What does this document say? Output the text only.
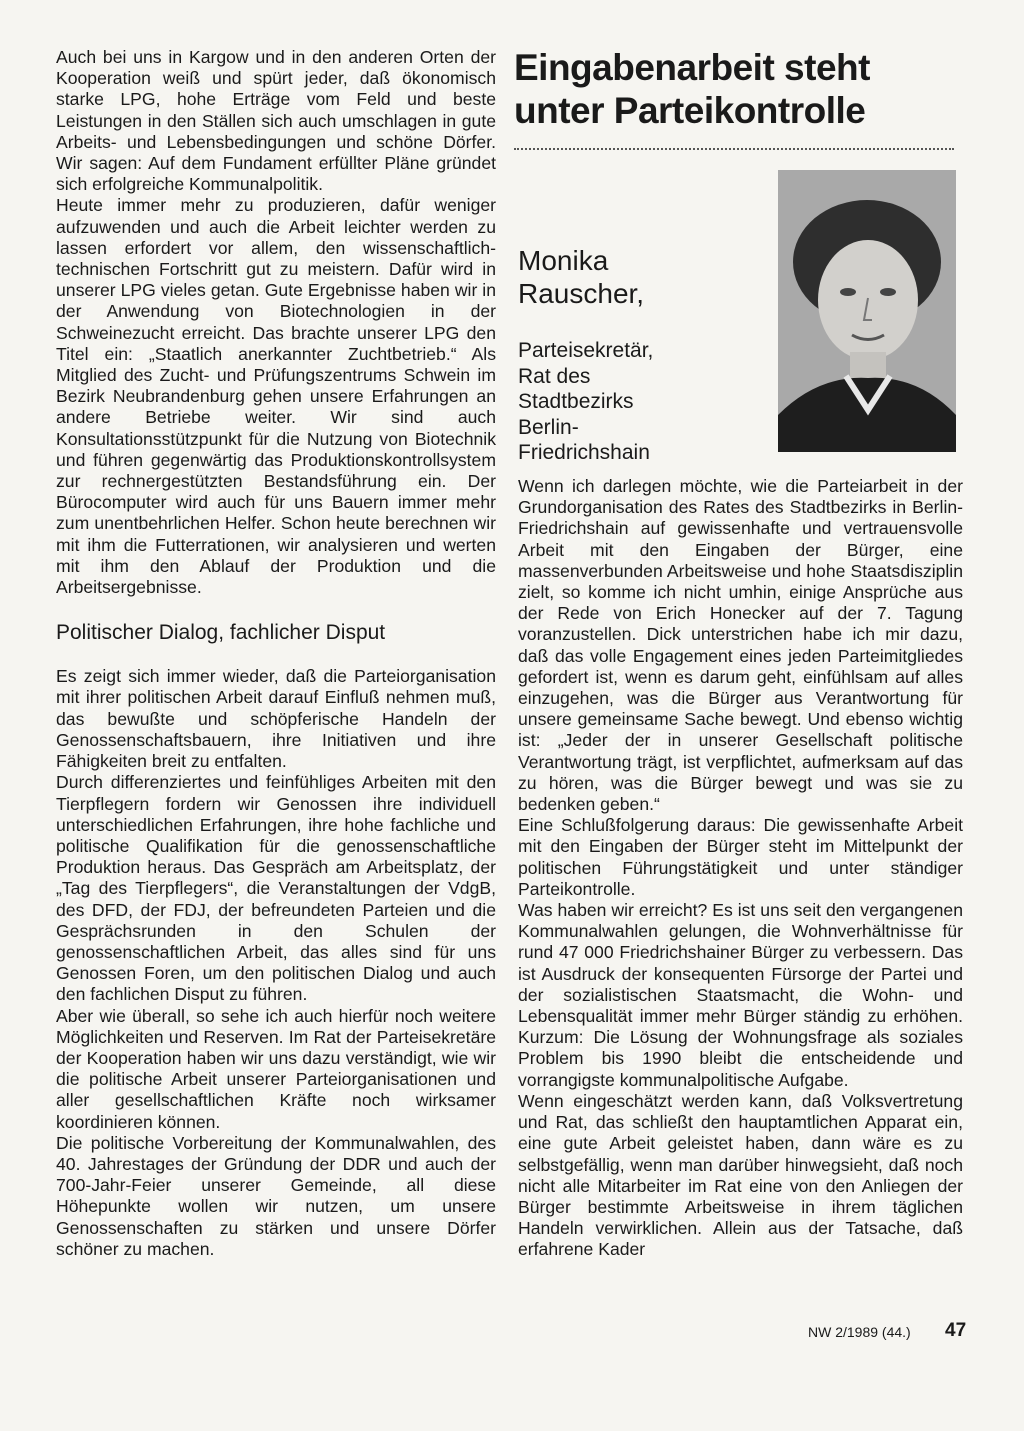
Auch bei uns in Kargow und in den anderen Orten der Kooperation weiß und spürt jeder, daß ökonomisch starke LPG, hohe Erträge vom Feld und beste Leistungen in den Ställen sich auch umschlagen in gute Arbeits- und Lebensbedingungen und schöne Dörfer. Wir sagen: Auf dem Fundament erfüllter Pläne gründet sich erfolgreiche Kommunalpolitik.

Heute immer mehr zu produzieren, dafür weniger aufzuwenden und auch die Arbeit leichter werden zu lassen erfordert vor allem, den wissenschaftlich-technischen Fortschritt gut zu meistern. Dafür wird in unserer LPG vieles getan. Gute Ergebnisse haben wir in der Anwendung von Biotechnologien in der Schweinezucht erreicht. Das brachte unserer LPG den Titel ein: „Staatlich anerkannter Zuchtbetrieb.“ Als Mitglied des Zucht- und Prüfungszentrums Schwein im Bezirk Neubrandenburg gehen unsere Erfahrungen an andere Betriebe weiter. Wir sind auch Konsultationsstützpunkt für die Nutzung von Biotechnik und führen gegenwärtig das Produktionskontrollsystem zur rechnergestützten Bestandsführung ein. Der Bürocomputer wird auch für uns Bauern immer mehr zum unentbehrlichen Helfer. Schon heute berechnen wir mit ihm die Futterrationen, wir analysieren und werten mit ihm den Ablauf der Produktion und die Arbeitsergebnisse.

Politischer Dialog, fachlicher Disput

Es zeigt sich immer wieder, daß die Parteiorganisation mit ihrer politischen Arbeit darauf Einfluß nehmen muß, das bewußte und schöpferische Handeln der Genossenschaftsbauern, ihre Initiativen und ihre Fähigkeiten breit zu entfalten.

Durch differenziertes und feinfühliges Arbeiten mit den Tierpflegern fordern wir Genossen ihre individuell unterschiedlichen Erfahrungen, ihre hohe fachliche und politische Qualifikation für die genossenschaftliche Produktion heraus. Das Gespräch am Arbeitsplatz, der „Tag des Tierpflegers“, die Veranstaltungen der VdgB, des DFD, der FDJ, der befreundeten Parteien und die Gesprächsrunden in den Schulen der genossenschaftlichen Arbeit, das alles sind für uns Genossen Foren, um den politischen Dialog und auch den fachlichen Disput zu führen.

Aber wie überall, so sehe ich auch hierfür noch weitere Möglichkeiten und Reserven. Im Rat der Parteisekretäre der Kooperation haben wir uns dazu verständigt, wie wir die politische Arbeit unserer Parteiorganisationen und aller gesellschaftlichen Kräfte noch wirksamer koordinieren können.

Die politische Vorbereitung der Kommunalwahlen, des 40. Jahrestages der Gründung der DDR und auch der 700-Jahr-Feier unserer Gemeinde, all diese Höhepunkte wollen wir nutzen, um unsere Genossenschaften zu stärken und unsere Dörfer schöner zu machen.

Eingabenarbeit steht
unter Parteikontrolle
Monika
Rauscher,
Parteisekretär,
Rat des
Stadtbezirks
Berlin-
Friedrichshain

Wenn ich darlegen möchte, wie die Parteiarbeit in der Grundorganisation des Rates des Stadtbezirks in Berlin-Friedrichshain auf gewissenhafte und vertrauensvolle Arbeit mit den Eingaben der Bürger, eine massenverbunden Arbeitsweise und hohe Staatsdisziplin zielt, so komme ich nicht umhin, einige Ansprüche aus der Rede von Erich Honecker auf der 7. Tagung voranzustellen. Dick unterstrichen habe ich mir dazu, daß das volle Engagement eines jeden Parteimitgliedes gefordert ist, wenn es darum geht, einfühlsam auf alles einzugehen, was die Bürger aus Verantwortung für unsere gemeinsame Sache bewegt. Und ebenso wichtig ist: „Jeder der in unserer Gesellschaft politische Verantwortung trägt, ist verpflichtet, aufmerksam auf das zu hören, was die Bürger bewegt und was sie zu bedenken geben.“

Eine Schlußfolgerung daraus: Die gewissenhafte Arbeit mit den Eingaben der Bürger steht im Mittelpunkt der politischen Führungstätigkeit und unter ständiger Parteikontrolle.

Was haben wir erreicht? Es ist uns seit den vergangenen Kommunalwahlen gelungen, die Wohnverhältnisse für rund 47 000 Friedrichshainer Bürger zu verbessern. Das ist Ausdruck der konsequenten Fürsorge der Partei und der sozialistischen Staatsmacht, die Wohn- und Lebensqualität immer mehr Bürger ständig zu erhöhen. Kurzum: Die Lösung der Wohnungsfrage als soziales Problem bis 1990 bleibt die entscheidende und vorrangigste kommunalpolitische Aufgabe.

Wenn eingeschätzt werden kann, daß Volksvertretung und Rat, das schließt den hauptamtlichen Apparat ein, eine gute Arbeit geleistet haben, dann wäre es zu selbstgefällig, wenn man darüber hinwegsieht, daß noch nicht alle Mitarbeiter im Rat eine von den Anliegen der Bürger bestimmte Arbeitsweise in ihrem täglichen Handeln verwirklichen. Allein aus der Tatsache, daß erfahrene Kader

NW 2/1989 (44.) 47
